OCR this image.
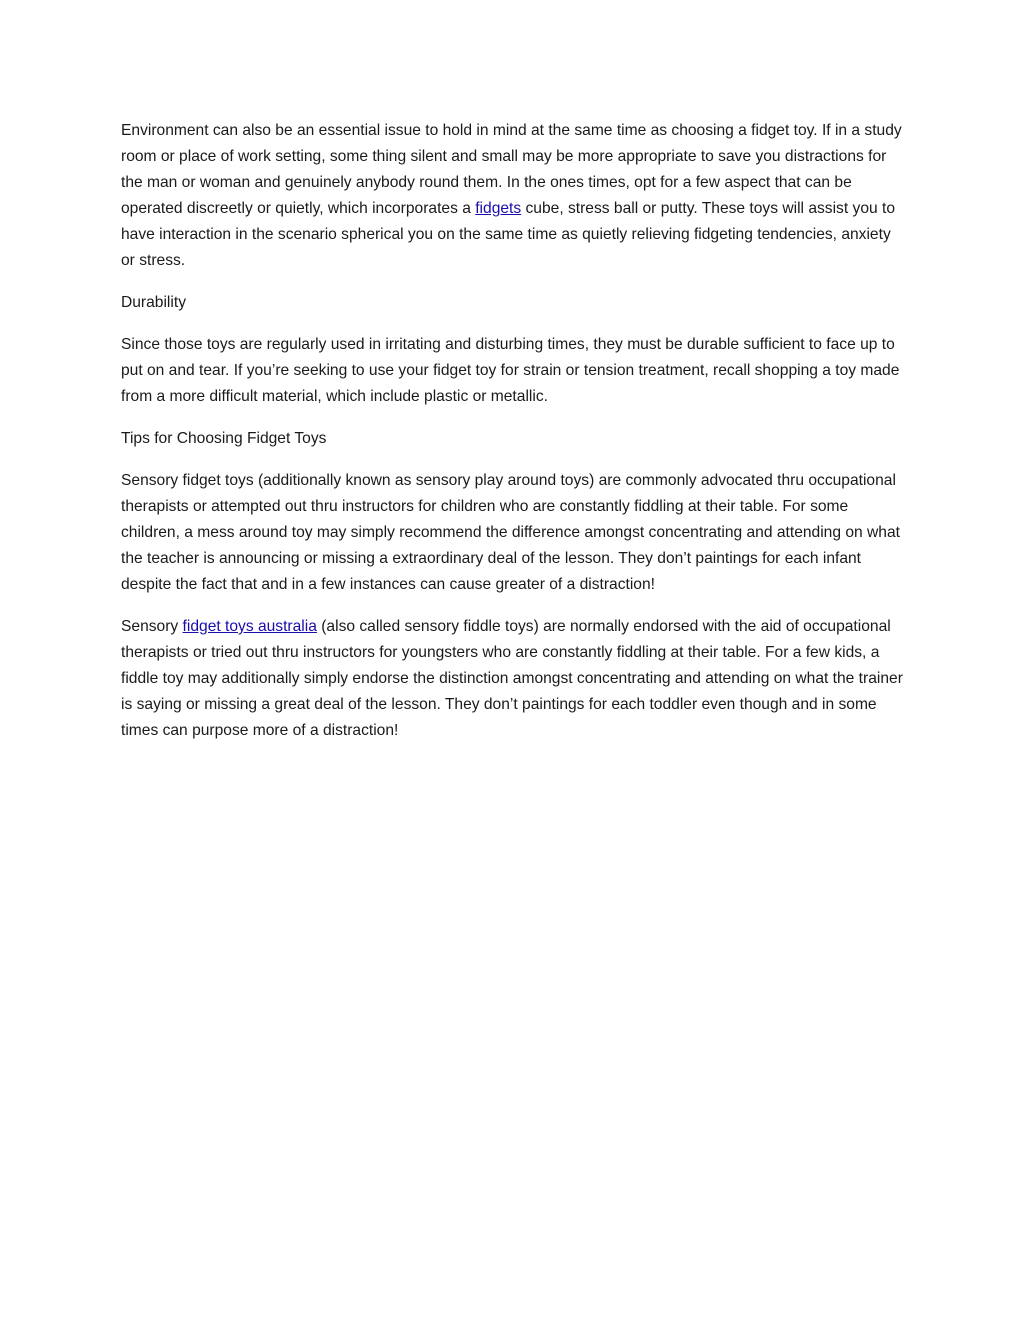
Environment can also be an essential issue to hold in mind at the same time as choosing a fidget toy. If in a study room or place of work setting, some thing silent and small may be more appropriate to save you distractions for the man or woman and genuinely anybody round them. In the ones times, opt for a few aspect that can be operated discreetly or quietly, which incorporates a fidgets cube, stress ball or putty. These toys will assist you to have interaction in the scenario spherical you on the same time as quietly relieving fidgeting tendencies, anxiety or stress.

Durability

Since those toys are regularly used in irritating and disturbing times, they must be durable sufficient to face up to put on and tear. If you’re seeking to use your fidget toy for strain or tension treatment, recall shopping a toy made from a more difficult material, which include plastic or metallic.

Tips for Choosing Fidget Toys

Sensory fidget toys (additionally known as sensory play around toys) are commonly advocated thru occupational therapists or attempted out thru instructors for children who are constantly fiddling at their table. For some children, a mess around toy may simply recommend the difference amongst concentrating and attending on what the teacher is announcing or missing a extraordinary deal of the lesson. They don’t paintings for each infant despite the fact that and in a few instances can cause greater of a distraction!

Sensory fidget toys australia (also called sensory fiddle toys) are normally endorsed with the aid of occupational therapists or tried out thru instructors for youngsters who are constantly fiddling at their table. For a few kids, a fiddle toy may additionally simply endorse the distinction amongst concentrating and attending on what the trainer is saying or missing a great deal of the lesson. They don’t paintings for each toddler even though and in some times can purpose more of a distraction!
